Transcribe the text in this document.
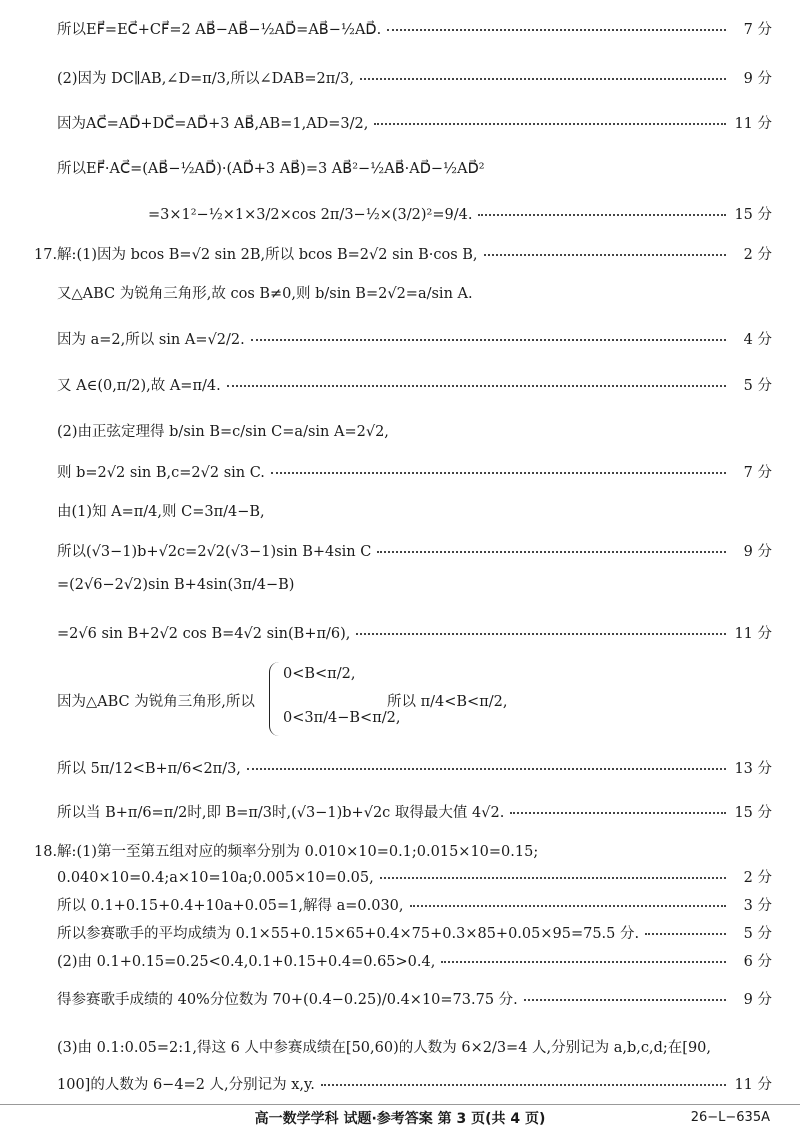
所以EF⃗=EC⃗+CF⃗=2 AB⃗−AB⃗−½AD⃗=AB⃗−½AD⃗.	7 分
(2)因为 DC∥AB,∠D=π/3,所以∠DAB=2π/3,	9 分
因为AC⃗=AD⃗+DC⃗=AD⃗+3 AB⃗,AB=1,AD=3/2,	11 分
所以EF⃗·AC⃗=(AB⃗−½AD⃗)·(AD⃗+3 AB⃗)=3 AB⃗²−½AB⃗·AD⃗−½AD⃗²
=3×1²−½×1×3/2×cos 2π/3−½×(3/2)²=9/4.	15 分
17.解:(1)因为 bcos B=√2 sin 2B,所以 bcos B=2√2 sin B·cos B,	2 分
又△ABC 为锐角三角形,故 cos B≠0,则 b/sin B=2√2=a/sin A.
因为 a=2,所以 sin A=√2/2.	4 分
又 A∈(0,π/2),故 A=π/4.	5 分
(2)由正弦定理得 b/sin B=c/sin C=a/sin A=2√2,
则 b=2√2 sin B,c=2√2 sin C.	7 分
由(1)知 A=π/4,则 C=3π/4−B,
所以(√3−1)b+√2c=2√2(√3−1)sin B+4sin C	9 分
=(2√6−2√2)sin B+4sin(3π/4−B)
=2√6 sin B+2√2 cos B=4√2 sin(B+π/6),	11 分
因为△ABC 为锐角三角形,所以
0<B<π/2,
0<3π/4−B<π/2,
所以 π/4<B<π/2,
所以 5π/12<B+π/6<2π/3,	13 分
所以当 B+π/6=π/2时,即 B=π/3时,(√3−1)b+√2c 取得最大值 4√2.	15 分
18.解:(1)第一至第五组对应的频率分别为 0.010×10=0.1;0.015×10=0.15;
0.040×10=0.4;a×10=10a;0.005×10=0.05,	2 分
所以 0.1+0.15+0.4+10a+0.05=1,解得 a=0.030,	3 分
所以参赛歌手的平均成绩为 0.1×55+0.15×65+0.4×75+0.3×85+0.05×95=75.5 分.	5 分
(2)由 0.1+0.15=0.25<0.4,0.1+0.15+0.4=0.65>0.4,	6 分
得参赛歌手成绩的 40%分位数为 70+(0.4−0.25)/0.4×10=73.75 分.	9 分
(3)由 0.1:0.05=2:1,得这 6 人中参赛成绩在[50,60)的人数为 6×2/3=4 人,分别记为 a,b,c,d;在[90,
100]的人数为 6−4=2 人,分别记为 x,y.	11 分
高一数学学科 试题·参考答案 第 3 页(共 4 页)	26−L−635A
